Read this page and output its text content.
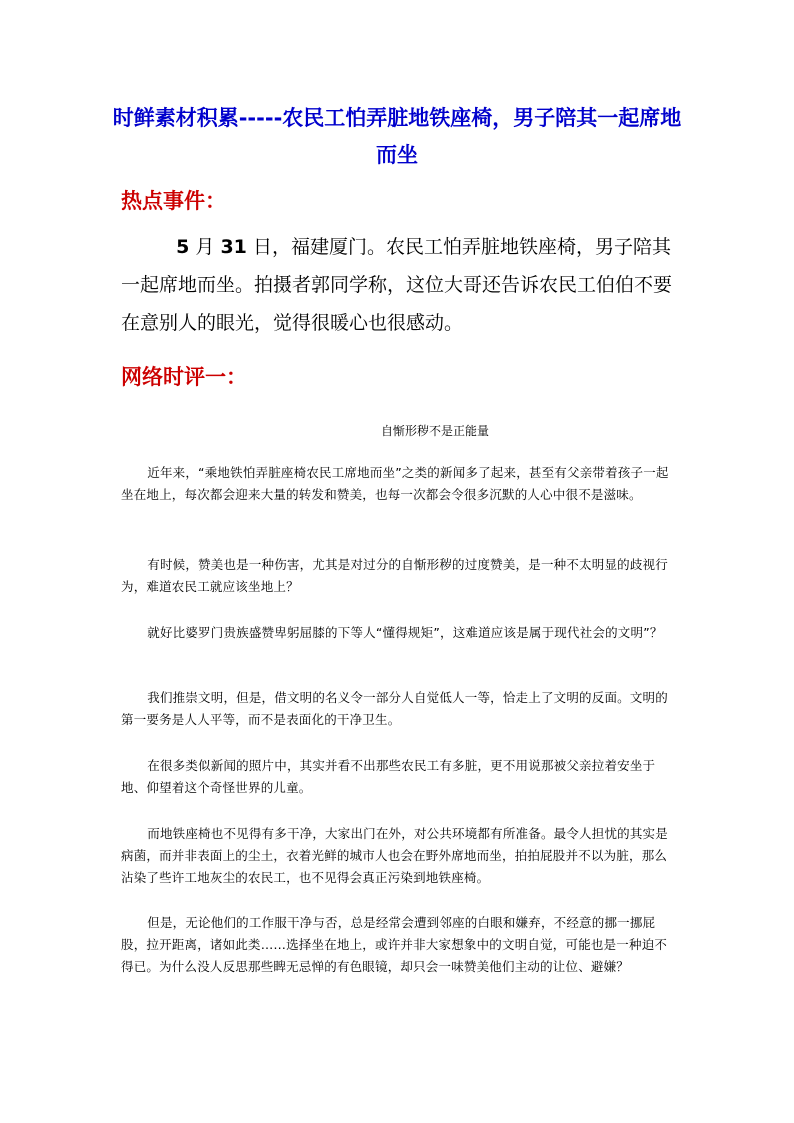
时鲜素材积累-----农民工怕弄脏地铁座椅，男子陪其一起席地而坐
热点事件：
5 月 31 日，福建厦门。农民工怕弄脏地铁座椅，男子陪其一起席地而坐。拍摄者郭同学称，这位大哥还告诉农民工伯伯不要在意别人的眼光，觉得很暖心也很感动。
网络时评一：
自惭形秽不是正能量

近年来，“乘地铁怕弄脏座椅农民工席地而坐”之类的新闻多了起来，甚至有父亲带着孩子一起坐在地上，每次都会迎来大量的转发和赞美，也每一次都会令很多沉默的人心中很不是滋味。

有时候，赞美也是一种伤害，尤其是对过分的自惭形秽的过度赞美，是一种不太明显的歧视行为，难道农民工就应该坐地上？

就好比婆罗门贵族盛赞卑躬屈膝的下等人“懂得规矩”，这难道应该是属于现代社会的文明”？

我们推崇文明，但是，借文明的名义令一部分人自觉低人一等，恰走上了文明的反面。文明的第一要务是人人平等，而不是表面化的干净卫生。

在很多类似新闻的照片中，其实并看不出那些农民工有多脏，更不用说那被父亲拉着安坐于地、仰望着这个奇怪世界的儿童。

而地铁座椅也不见得有多干净，大家出门在外，对公共环境都有所准备。最令人担忧的其实是病菌，而并非表面上的尘土，衣着光鲜的城市人也会在野外席地而坐，拍拍屁股并不以为脏，那么沾染了些许工地灰尘的农民工，也不见得会真正污染到地铁座椅。

但是，无论他们的工作服干净与否，总是经常会遭到邻座的白眼和嫌弃，不经意的挪一挪屁股，拉开距离，诸如此类……选择坐在地上，或许并非大家想象中的文明自觉，可能也是一种迫不得已。为什么没人反思那些睥无忌惮的有色眼镜，却只会一味赞美他们主动的让位、避嫌？
